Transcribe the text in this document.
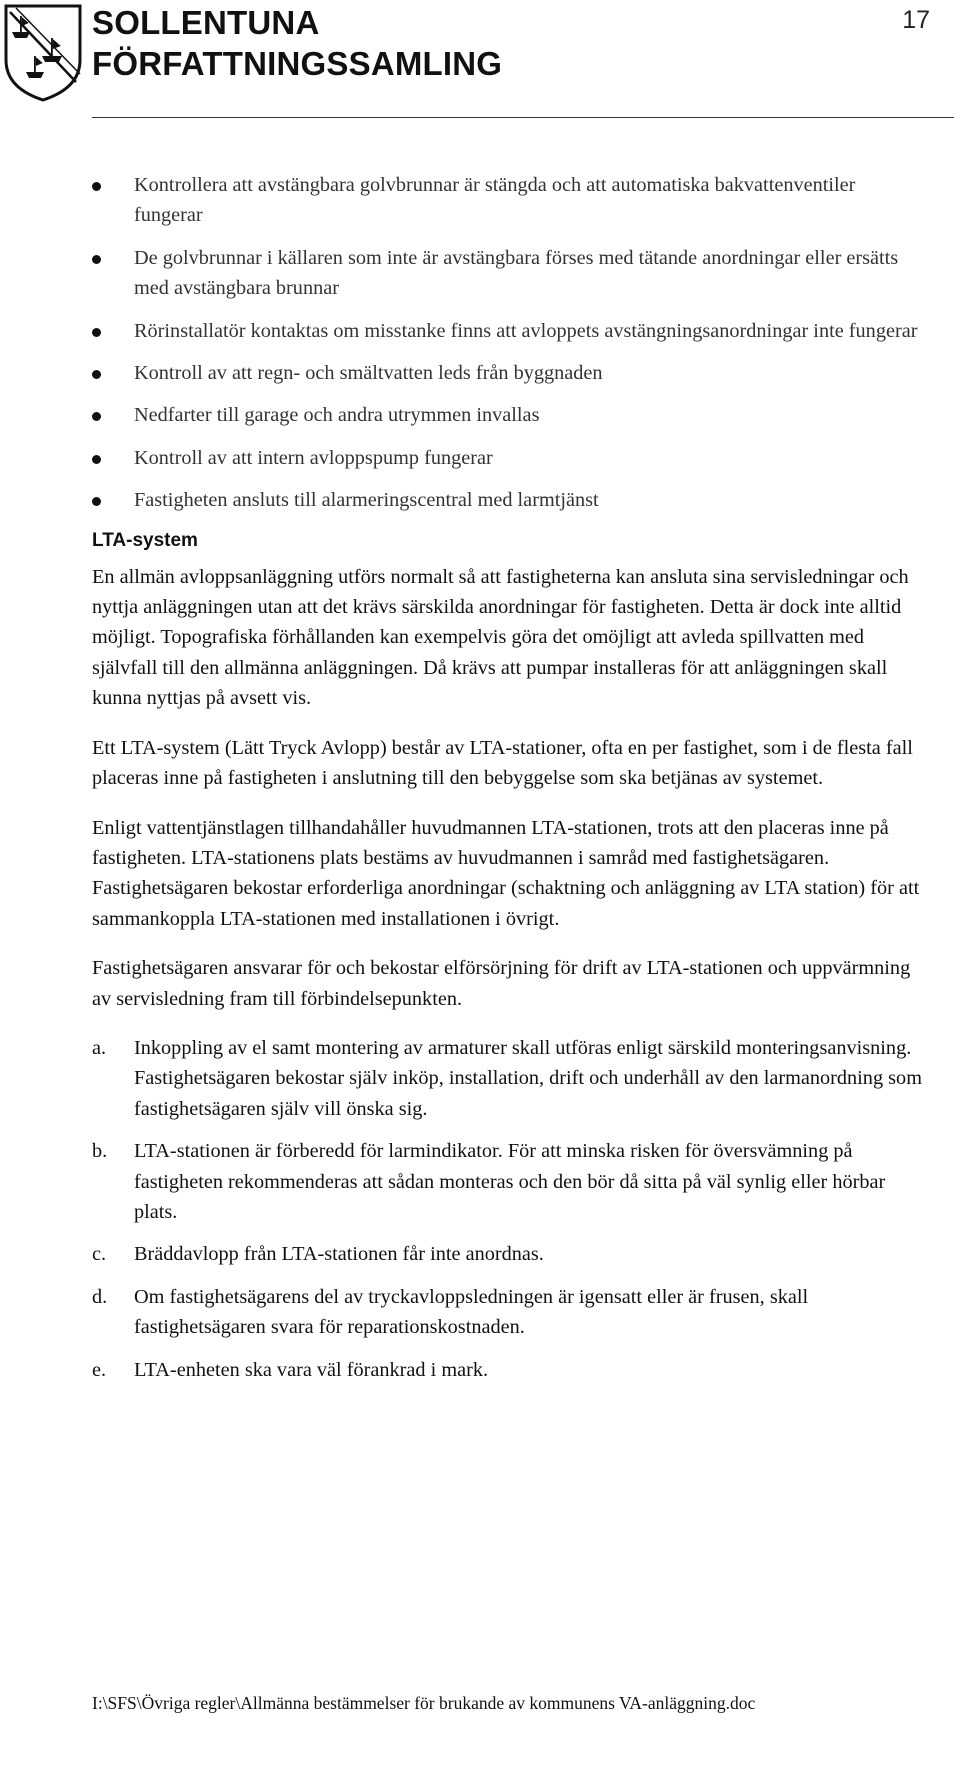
SOLLENTUNA
FÖRFATTNINGSSAMLING
17
Kontrollera att avstängbara golvbrunnar är stängda och att automatiska bakvattenventiler fungerar
De golvbrunnar i källaren som inte är avstängbara förses med tätande anordningar eller ersätts med avstängbara brunnar
Rörinstallatör kontaktas om misstanke finns att avloppets avstängningsanordningar inte fungerar
Kontroll av att regn- och smältvatten leds från byggnaden
Nedfarter till garage och andra utrymmen invallas
Kontroll av att intern avloppspump fungerar
Fastigheten ansluts till alarmeringscentral med larmtjänst
LTA-system

En allmän avloppsanläggning utförs normalt så att fastigheterna kan ansluta sina servisledningar och nyttja anläggningen utan att det krävs särskilda anordningar för fastigheten. Detta är dock inte alltid möjligt. Topografiska förhållanden kan exempelvis göra det omöjligt att avleda spillvatten med självfall till den allmänna anläggningen. Då krävs att pumpar installeras för att anläggningen skall kunna nyttjas på avsett vis.

Ett LTA-system (Lätt Tryck Avlopp) består av LTA-stationer, ofta en per fastighet, som i de flesta fall placeras inne på fastigheten i anslutning till den bebyggelse som ska betjänas av systemet.

Enligt vattentjänstlagen tillhandahåller huvudmannen LTA-stationen, trots att den placeras inne på fastigheten. LTA-stationens plats bestäms av huvudmannen i samråd med fastighetsägaren. Fastighetsägaren bekostar erforderliga anordningar (schaktning och anläggning av LTA station) för att sammankoppla LTA-stationen med installationen i övrigt.

Fastighetsägaren ansvarar för och bekostar elförsörjning för drift av LTA-stationen och uppvärmning av servisledning fram till förbindelsepunkten.

a. Inkoppling av el samt montering av armaturer skall utföras enligt särskild monteringsanvisning. Fastighetsägaren bekostar själv inköp, installation, drift och underhåll av den larmanordning som fastighetsägaren själv vill önska sig.
b. LTA-stationen är förberedd för larmindikator. För att minska risken för översvämning på fastigheten rekommenderas att sådan monteras och den bör då sitta på väl synlig eller hörbar plats.
c. Bräddavlopp från LTA-stationen får inte anordnas.
d. Om fastighetsägarens del av tryckavloppsledningen är igensatt eller är frusen, skall fastighetsägaren svara för reparationskostnaden.
e. LTA-enheten ska vara väl förankrad i mark.
I:\SFS\Övriga regler\Allmänna bestämmelser för brukande av kommunens VA-anläggning.doc
